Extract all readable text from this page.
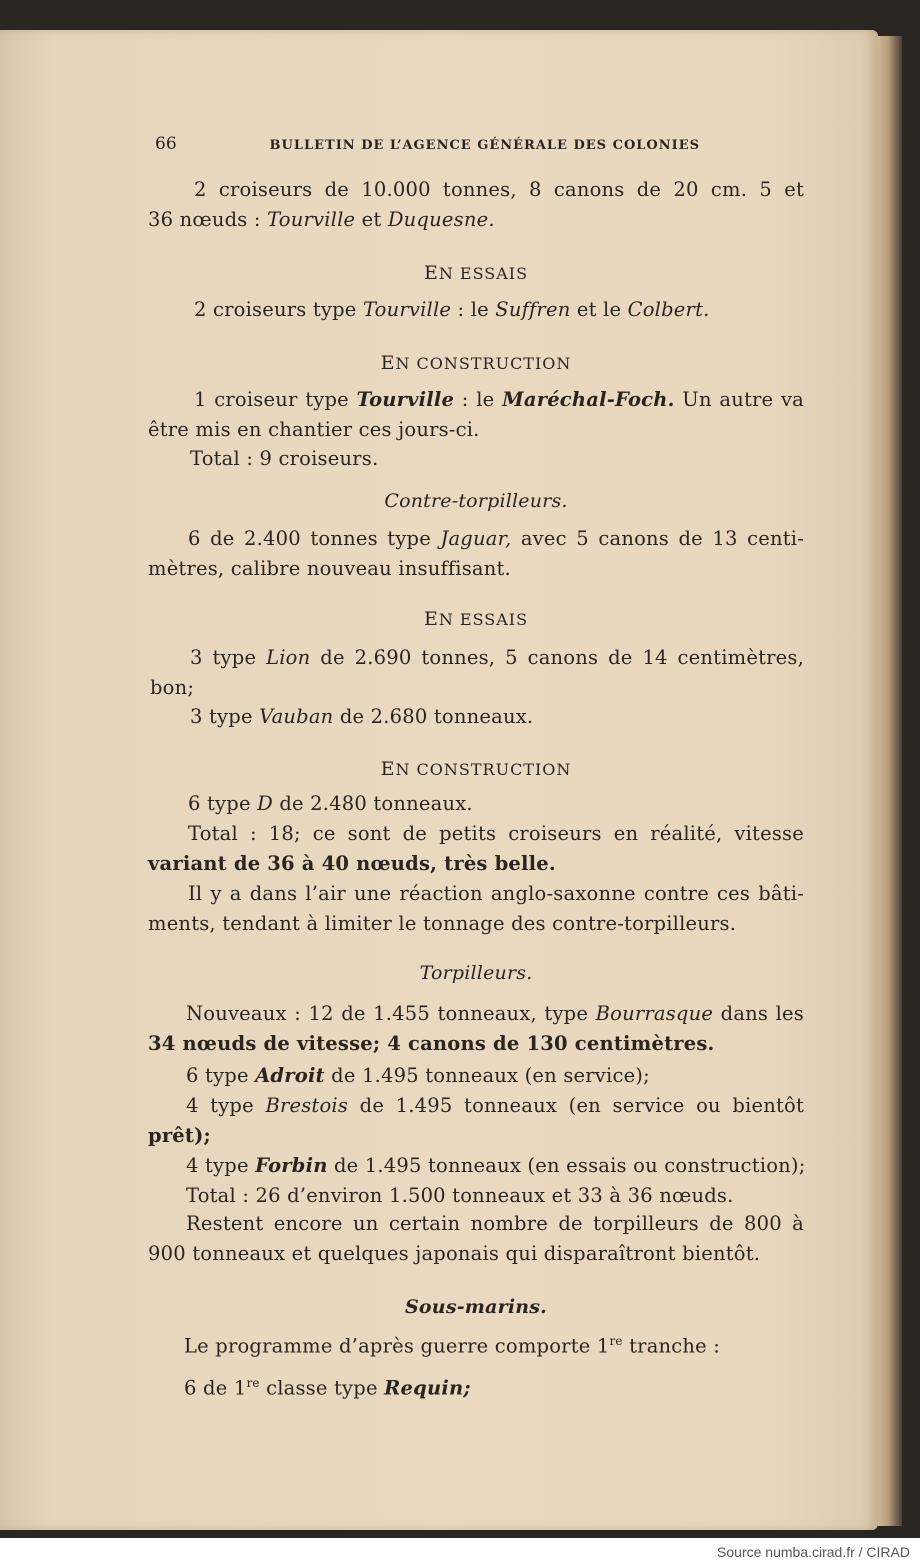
66	BULLETIN DE L’AGENCE GÉNÉRALE DES COLONIES
2 croiseurs de 10.000 tonnes, 8 canons de 20 cm. 5 et
36 nœuds : Tourville et Duquesne.
EN ESSAIS
2 croiseurs type Tourville : le Suffren et le Colbert.
EN CONSTRUCTION
1 croiseur type Tourville : le Maréchal-Foch. Un autre va
être mis en chantier ces jours-ci.
Total : 9 croiseurs.
Contre-torpilleurs.
6 de 2.400 tonnes type Jaguar, avec 5 canons de 13 centi-
mètres, calibre nouveau insuffisant.
EN ESSAIS
3 type Lion de 2.690 tonnes, 5 canons de 14 centimètres,
bon;
3 type Vauban de 2.680 tonneaux.
EN CONSTRUCTION
6 type D de 2.480 tonneaux.
Total : 18; ce sont de petits croiseurs en réalité, vitesse
variant de 36 à 40 nœuds, très belle.
Il y a dans l’air une réaction anglo-saxonne contre ces bâti-
ments, tendant à limiter le tonnage des contre-torpilleurs.
Torpilleurs.
Nouveaux : 12 de 1.455 tonneaux, type Bourrasque dans les
34 nœuds de vitesse; 4 canons de 130 centimètres.
6 type Adroit de 1.495 tonneaux (en service);
4 type Brestois de 1.495 tonneaux (en service ou bientôt
prêt);
4 type Forbin de 1.495 tonneaux (en essais ou construction);
Total : 26 d’environ 1.500 tonneaux et 33 à 36 nœuds.
Restent encore un certain nombre de torpilleurs de 800 à
900 tonneaux et quelques japonais qui disparaîtront bientôt.
Sous-marins.
Le programme d’après guerre comporte 1re tranche :
6 de 1re classe type Requin;
Source numba.cirad.fr / CIRAD
